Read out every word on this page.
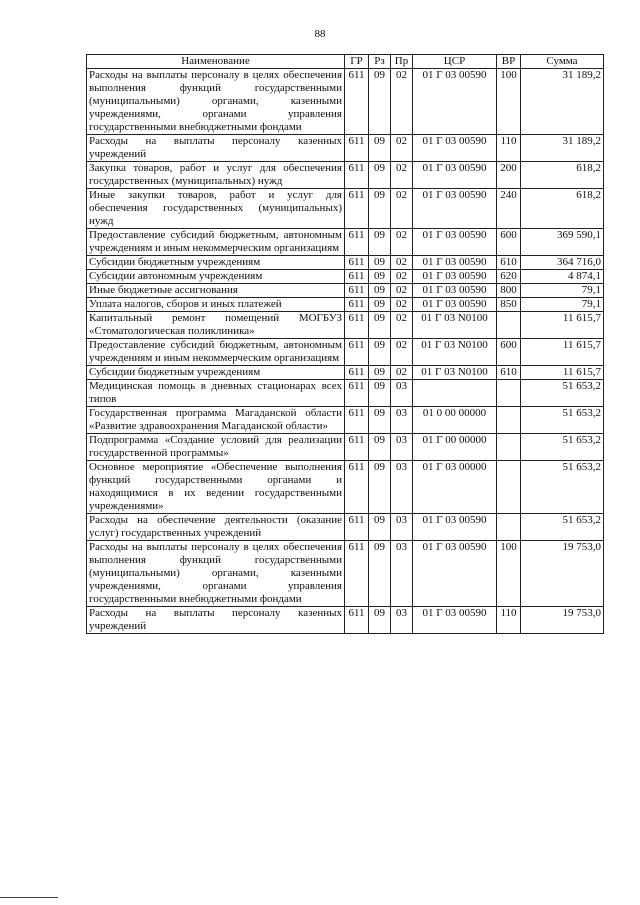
88
Наименование	ГР	Рз	Пр	ЦСР	ВР	Сумма
Расходы на выплаты персоналу в целях обеспечения выполнения функций государственными (муниципальными) органами, казенными учреждениями, органами управления государственными внебюджетными фондами	611	09	02	01 Г 03 00590	100	31 189,2
Расходы на выплаты персоналу казенных учреждений	611	09	02	01 Г 03 00590	110	31 189,2
Закупка товаров, работ и услуг для обеспечения государственных (муниципальных) нужд	611	09	02	01 Г 03 00590	200	618,2
Иные закупки товаров, работ и услуг для обеспечения государственных (муниципальных) нужд	611	09	02	01 Г 03 00590	240	618,2
Предоставление субсидий бюджетным, автономным учреждениям и иным некоммерческим организациям	611	09	02	01 Г 03 00590	600	369 590,1
Субсидии бюджетным учреждениям	611	09	02	01 Г 03 00590	610	364 716,0
Субсидии автономным учреждениям	611	09	02	01 Г 03 00590	620	4 874,1
Иные бюджетные ассигнования	611	09	02	01 Г 03 00590	800	79,1
Уплата налогов, сборов и иных платежей	611	09	02	01 Г 03 00590	850	79,1
Капитальный ремонт помещений МОГБУЗ «Стоматологическая поликлиника»	611	09	02	01 Г 03 N0100		11 615,7
Предоставление субсидий бюджетным, автономным учреждениям и иным некоммерческим организациям	611	09	02	01 Г 03 N0100	600	11 615,7
Субсидии бюджетным учреждениям	611	09	02	01 Г 03 N0100	610	11 615,7
Медицинская помощь в дневных стационарах всех типов	611	09	03			51 653,2
Государственная программа Магаданской области «Развитие здравоохранения Магаданской области»	611	09	03	01 0 00 00000		51 653,2
Подпрограмма «Создание условий для реализации государственной программы»	611	09	03	01 Г 00 00000		51 653,2
Основное мероприятие «Обеспечение выполнения функций государственными органами и находящимися в их ведении государственными учреждениями»	611	09	03	01 Г 03 00000		51 653,2
Расходы на обеспечение деятельности (оказание услуг) государственных учреждений	611	09	03	01 Г 03 00590		51 653,2
Расходы на выплаты персоналу в целях обеспечения выполнения функций государственными (муниципальными) органами, казенными учреждениями, органами управления государственными внебюджетными фондами	611	09	03	01 Г 03 00590	100	19 753,0
Расходы на выплаты персоналу казенных учреждений	611	09	03	01 Г 03 00590	110	19 753,0
